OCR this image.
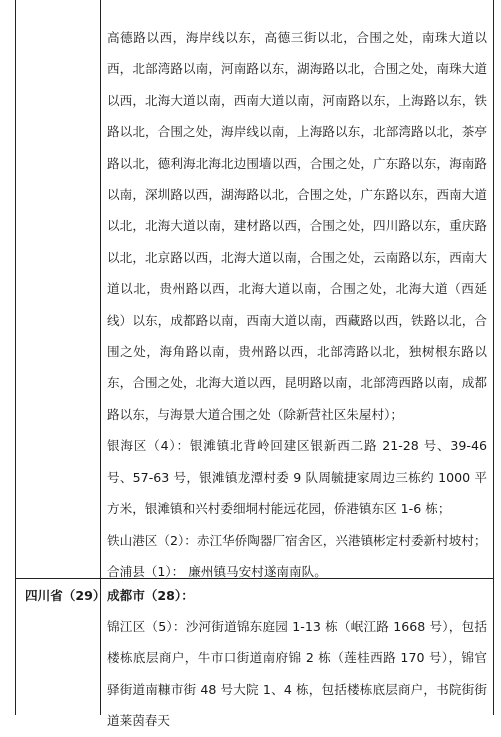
高德路以西，海岸线以东，高德三街以北，合围之处，南珠大道以西，北部湾路以南，河南路以东，湖海路以北，合围之处，南珠大道以西，北海大道以南，西南大道以南，河南路以东，上海路以东，铁路以北，合围之处，海岸线以南，上海路以东，北部湾路以北，茶亭路以北，德利海北海北边围墙以西，合围之处，广东路以东，海南路以南，深圳路以西，湖海路以北，合围之处，广东路以东，西南大道以北，北海大道以南，建材路以西，合围之处，四川路以东，重庆路以北，北京路以西，北海大道以南，合围之处，云南路以东，西南大道以北，贵州路以西，北海大道以南，合围之处，北海大道（西延线）以东，成都路以南，西南大道以南，西藏路以西，铁路以北，合围之处，海角路以南，贵州路以西，北部湾路以北，独树根东路以东，合围之处，北海大道以西，昆明路以南，北部湾西路以南，成都路以东，与海景大道合围之处（除新营社区朱屋村）；

银海区（4）：银滩镇北背岭回建区银新西二路 21-28 号、39-46 号、57-63 号，银滩镇龙潭村委 9 队周毓捷家周边三栋约 1000 平方米，银滩镇和兴村委细垌村能远花园，侨港镇东区 1-6 栋；

铁山港区（2）：赤江华侨陶器厂宿舍区，兴港镇彬定村委新村坡村；

合浦县（1）： 廉州镇马安村遂南南队。

四川省（29） 成都市（28）：

锦江区（5）：沙河街道锦东庭园 1-13 栋（岷江路 1668 号），包括楼栋底层商户，牛市口街道南府锦 2 栋（莲桂西路 170 号），锦官驿街道南糠市街 48 号大院 1、4 栋，包括楼栋底层商户，书院街街道莱茵春天
